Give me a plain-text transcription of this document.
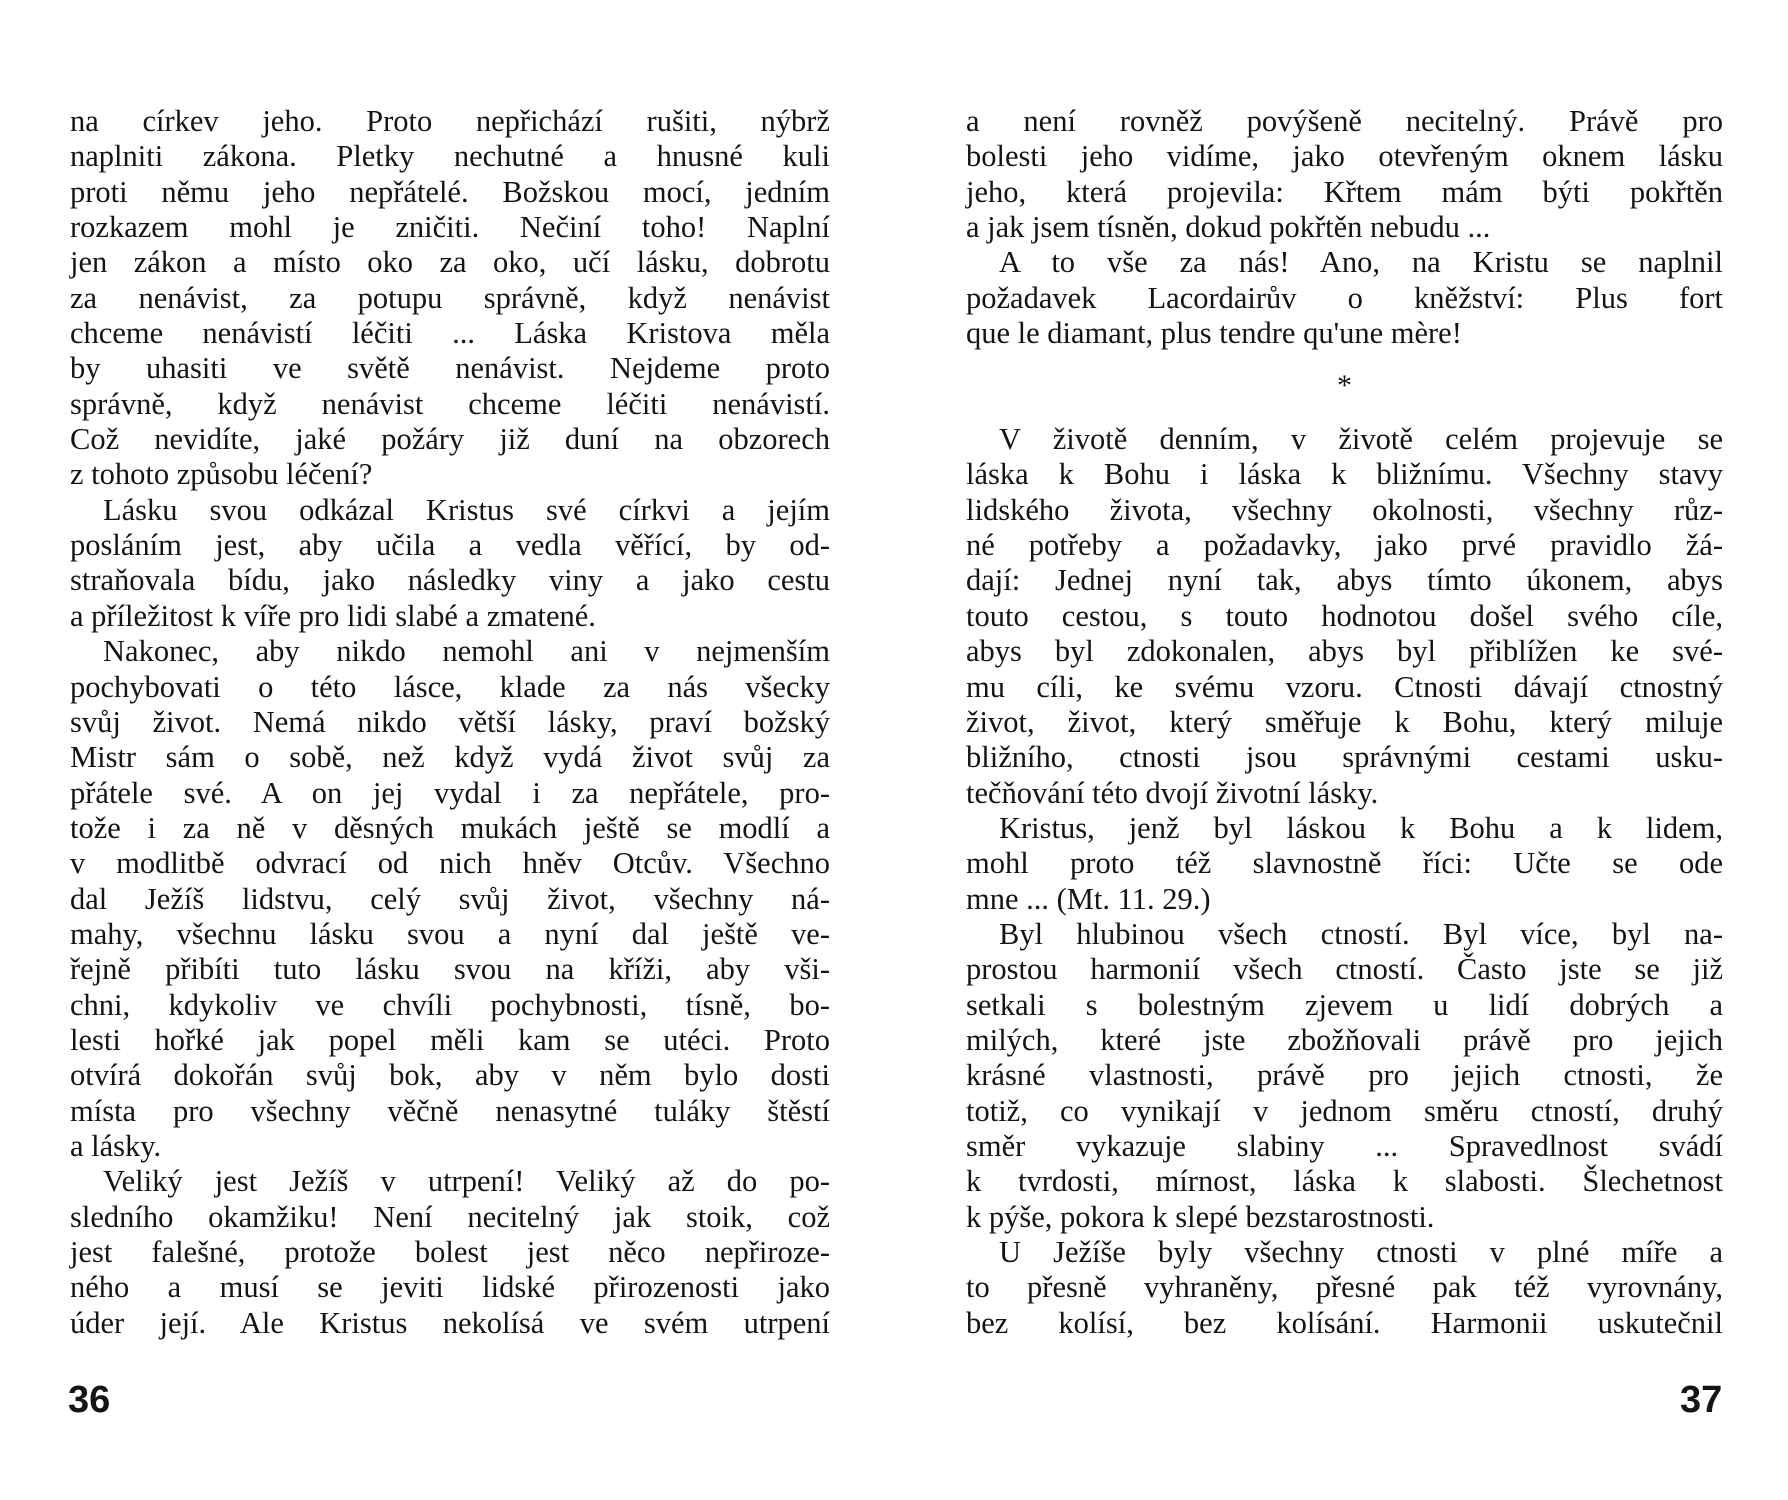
na církev jeho. Proto nepřichází rušiti, nýbrž
naplniti zákona. Pletky nechutné a hnusné kuli
proti němu jeho nepřátelé. Božskou mocí, jedním
rozkazem mohl je zničiti. Nečiní toho! Naplní
jen zákon a místo oko za oko, učí lásku, dobrotu
za nenávist, za potupu správně, když nenávist
chceme nenávistí léčiti ... Láska Kristova měla
by uhasiti ve světě nenávist. Nejdeme proto
správně, když nenávist chceme léčiti nenávistí.
Což nevidíte, jaké požáry již duní na obzorech
z tohoto způsobu léčení?
Lásku svou odkázal Kristus své církvi a jejím
posláním jest, aby učila a vedla věřící, by od-
straňovala bídu, jako následky viny a jako cestu
a příležitost k víře pro lidi slabé a zmatené.
Nakonec, aby nikdo nemohl ani v nejmenším
pochybovati o této lásce, klade za nás všecky
svůj život. Nemá nikdo větší lásky, praví božský
Mistr sám o sobě, než když vydá život svůj za
přátele své. A on jej vydal i za nepřátele, pro-
tože i za ně v děsných mukách ještě se modlí a
v modlitbě odvrací od nich hněv Otcův. Všechno
dal Ježíš lidstvu, celý svůj život, všechny ná-
mahy, všechnu lásku svou a nyní dal ještě ve-
řejně přibíti tuto lásku svou na kříži, aby vši-
chni, kdykoliv ve chvíli pochybnosti, tísně, bo-
lesti hořké jak popel měli kam se utéci. Proto
otvírá dokořán svůj bok, aby v něm bylo dosti
místa pro všechny věčně nenasytné tuláky štěstí
a lásky.
Veliký jest Ježíš v utrpení! Veliký až do po-
sledního okamžiku! Není necitelný jak stoik, což
jest falešné, protože bolest jest něco nepřiroze-
ného a musí se jeviti lidské přirozenosti jako
úder její. Ale Kristus nekolísá ve svém utrpení
a není rovněž povýšeně necitelný. Právě pro
bolesti jeho vidíme, jako otevřeným oknem lásku
jeho, která projevila: Křtem mám býti pokřtěn
a jak jsem tísněn, dokud pokřtěn nebudu ...
A to vše za nás! Ano, na Kristu se naplnil
požadavek Lacordairův o kněžství: Plus fort
que le diamant, plus tendre qu'une mère!
*
V životě denním, v životě celém projevuje se
láska k Bohu i láska k bližnímu. Všechny stavy
lidského života, všechny okolnosti, všechny růz-
né potřeby a požadavky, jako prvé pravidlo žá-
dají: Jednej nyní tak, abys tímto úkonem, abys
touto cestou, s touto hodnotou došel svého cíle,
abys byl zdokonalen, abys byl přiblížen ke své-
mu cíli, ke svému vzoru. Ctnosti dávají ctnostný
život, život, který směřuje k Bohu, který miluje
bližního, ctnosti jsou správnými cestami usku-
tečňování této dvojí životní lásky.
Kristus, jenž byl láskou k Bohu a k lidem,
mohl proto též slavnostně říci: Učte se ode
mne ... (Mt. 11. 29.)
Byl hlubinou všech ctností. Byl více, byl na-
prostou harmonií všech ctností. Často jste se již
setkali s bolestným zjevem u lidí dobrých a
milých, které jste zbožňovali právě pro jejich
krásné vlastnosti, právě pro jejich ctnosti, že
totiž, co vynikají v jednom směru ctností, druhý
směr vykazuje slabiny ... Spravedlnost svádí
k tvrdosti, mírnost, láska k slabosti. Šlechetnost
k pýše, pokora k slepé bezstarostnosti.
U Ježíše byly všechny ctnosti v plné míře a
to přesně vyhraněny, přesné pak též vyrovnány,
bez kolísí, bez kolísání. Harmonii uskutečnil
36	37
